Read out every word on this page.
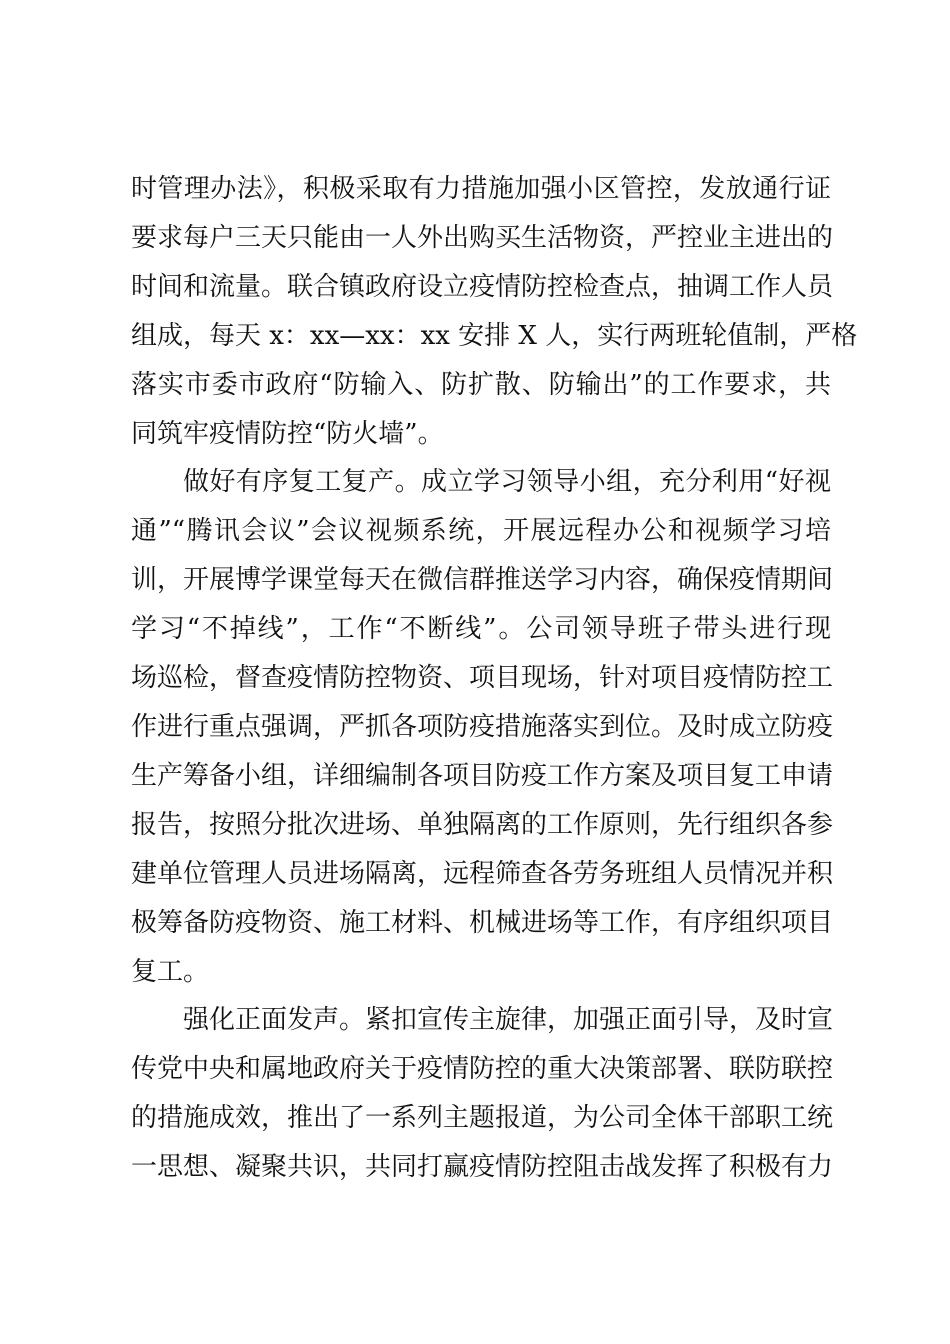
时管理办法》，积极采取有力措施加强小区管控，发放通行证
要求每户三天只能由一人外出购买生活物资，严控业主进出的
时间和流量。联合镇政府设立疫情防控检查点，抽调工作人员
组成，每天 x：xx—xx：xx 安排 X 人，实行两班轮值制，严格
落实市委市政府“防输入、防扩散、防输出”的工作要求，共
同筑牢疫情防控“防火墙”。
做好有序复工复产。成立学习领导小组，充分利用“好视
通”“腾讯会议”会议视频系统，开展远程办公和视频学习培
训，开展博学课堂每天在微信群推送学习内容，确保疫情期间
学习“不掉线”，工作“不断线”。公司领导班子带头进行现
场巡检，督查疫情防控物资、项目现场，针对项目疫情防控工
作进行重点强调，严抓各项防疫措施落实到位。及时成立防疫
生产筹备小组，详细编制各项目防疫工作方案及项目复工申请
报告，按照分批次进场、单独隔离的工作原则，先行组织各参
建单位管理人员进场隔离，远程筛查各劳务班组人员情况并积
极筹备防疫物资、施工材料、机械进场等工作，有序组织项目
复工。
强化正面发声。紧扣宣传主旋律，加强正面引导，及时宣
传党中央和属地政府关于疫情防控的重大决策部署、联防联控
的措施成效，推出了一系列主题报道，为公司全体干部职工统
一思想、凝聚共识，共同打赢疫情防控阻击战发挥了积极有力
